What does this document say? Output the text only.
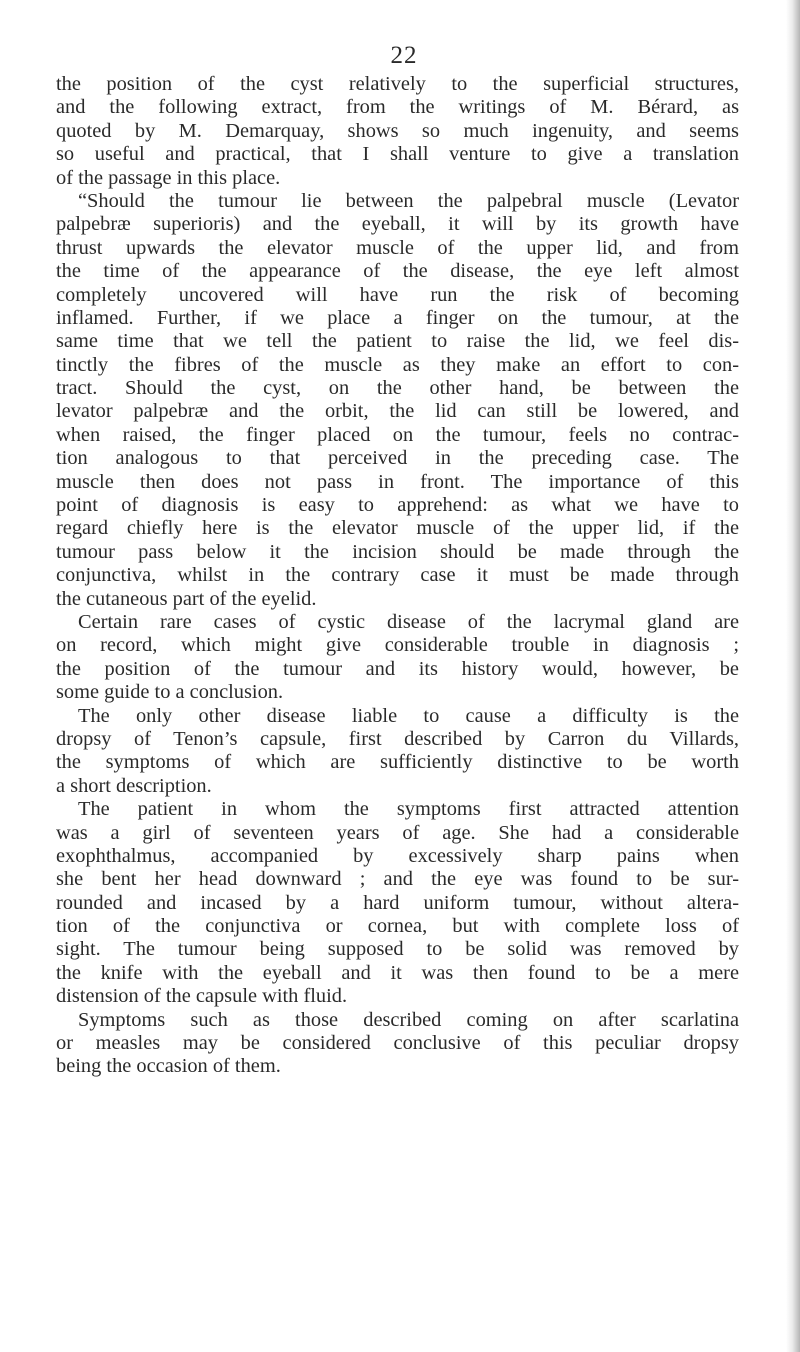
22
the position of the cyst relatively to the superficial structures,
and the following extract, from the writings of M. Bérard, as
quoted by M. Demarquay, shows so much ingenuity, and seems
so useful and practical, that I shall venture to give a translation
of the passage in this place.
“Should the tumour lie between the palpebral muscle (Levator
palpebræ superioris) and the eyeball, it will by its growth have
thrust upwards the elevator muscle of the upper lid, and from
the time of the appearance of the disease, the eye left almost
completely uncovered will have run the risk of becoming
inflamed. Further, if we place a finger on the tumour, at the
same time that we tell the patient to raise the lid, we feel dis-
tinctly the fibres of the muscle as they make an effort to con-
tract. Should the cyst, on the other hand, be between the
levator palpebræ and the orbit, the lid can still be lowered, and
when raised, the finger placed on the tumour, feels no contrac-
tion analogous to that perceived in the preceding case. The
muscle then does not pass in front. The importance of this
point of diagnosis is easy to apprehend: as what we have to
regard chiefly here is the elevator muscle of the upper lid, if the
tumour pass below it the incision should be made through the
conjunctiva, whilst in the contrary case it must be made through
the cutaneous part of the eyelid.
Certain rare cases of cystic disease of the lacrymal gland are
on record, which might give considerable trouble in diagnosis ;
the position of the tumour and its history would, however, be
some guide to a conclusion.
The only other disease liable to cause a difficulty is the
dropsy of Tenon’s capsule, first described by Carron du Villards,
the symptoms of which are sufficiently distinctive to be worth
a short description.
The patient in whom the symptoms first attracted attention
was a girl of seventeen years of age. She had a considerable
exophthalmus, accompanied by excessively sharp pains when
she bent her head downward ; and the eye was found to be sur-
rounded and incased by a hard uniform tumour, without altera-
tion of the conjunctiva or cornea, but with complete loss of
sight. The tumour being supposed to be solid was removed by
the knife with the eyeball and it was then found to be a mere
distension of the capsule with fluid.
Symptoms such as those described coming on after scarlatina
or measles may be considered conclusive of this peculiar dropsy
being the occasion of them.
